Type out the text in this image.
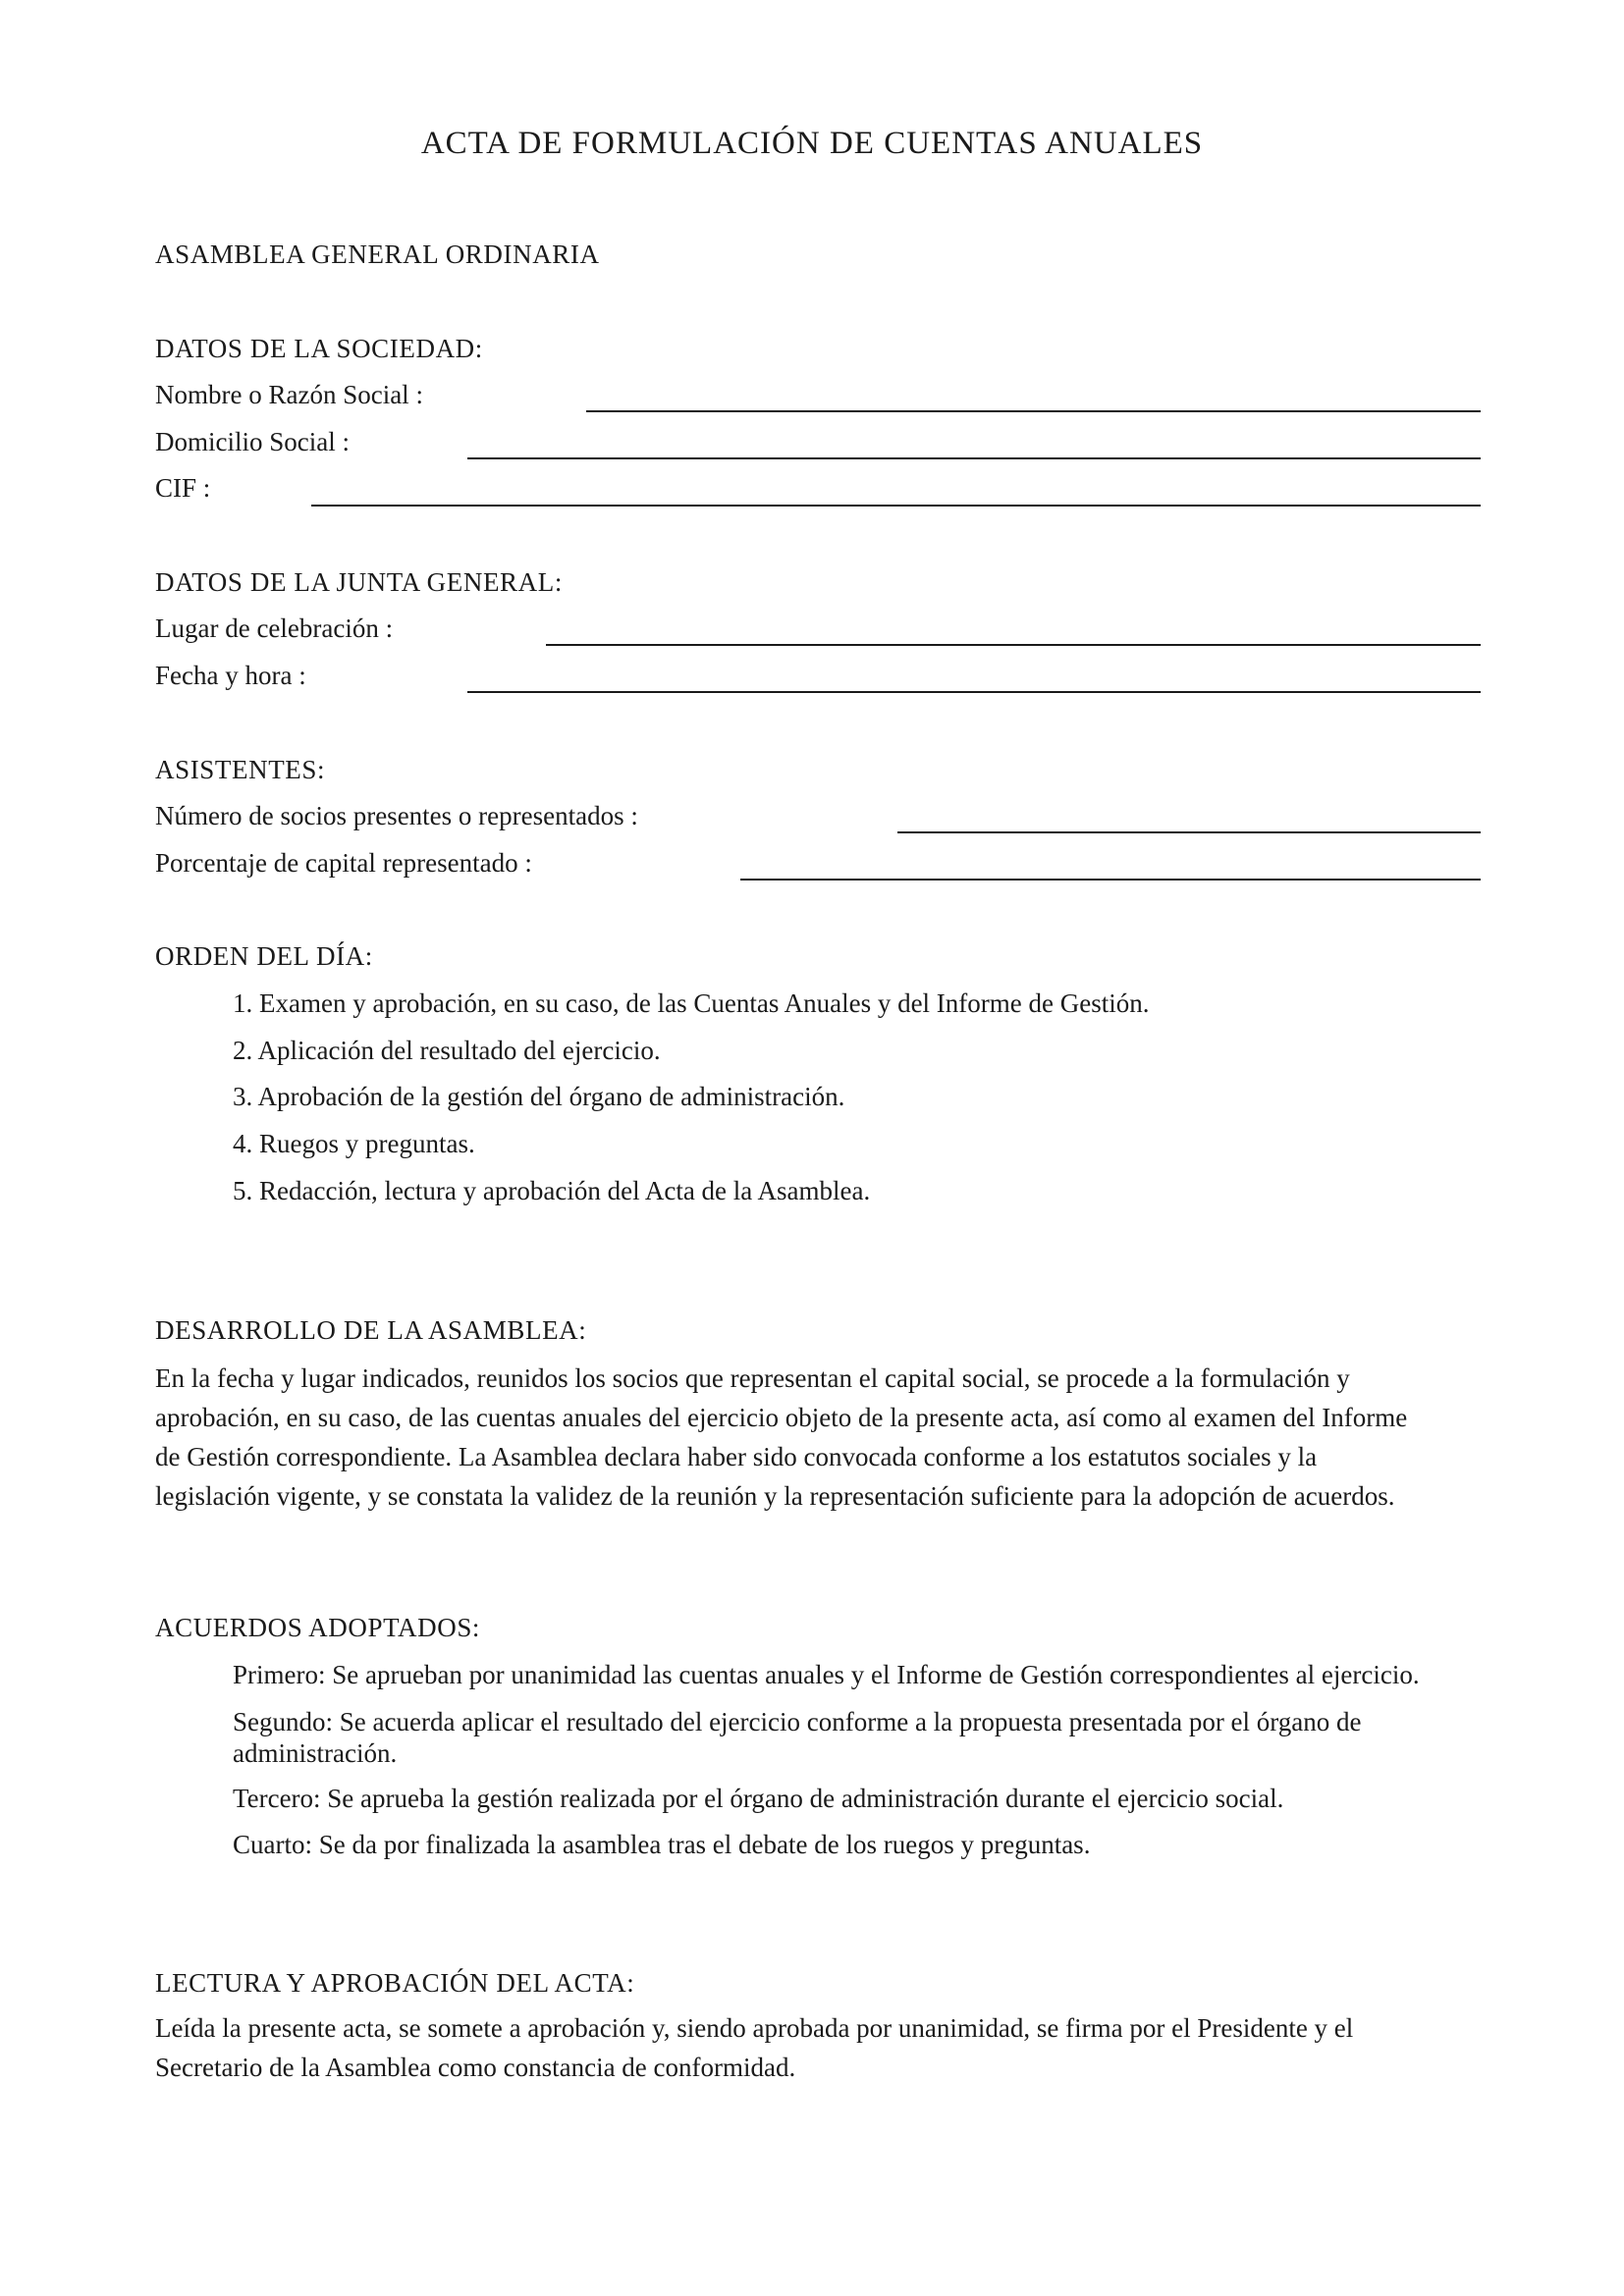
ACTA DE FORMULACIÓN DE CUENTAS ANUALES
ASAMBLEA GENERAL ORDINARIA
DATOS DE LA SOCIEDAD:
Nombre o Razón Social :
Domicilio Social :
CIF :
DATOS DE LA JUNTA GENERAL:
Lugar de celebración :
Fecha y hora :
ASISTENTES:
Número de socios presentes o representados :
Porcentaje de capital representado :
ORDEN DEL DÍA:
1. Examen y aprobación, en su caso, de las Cuentas Anuales y del Informe de Gestión.
2. Aplicación del resultado del ejercicio.
3. Aprobación de la gestión del órgano de administración.
4. Ruegos y preguntas.
5. Redacción, lectura y aprobación del Acta de la Asamblea.
DESARROLLO DE LA ASAMBLEA:
En la fecha y lugar indicados, reunidos los socios que representan el capital social, se procede a la formulación y
aprobación, en su caso, de las cuentas anuales del ejercicio objeto de la presente acta, así como al examen del Informe
de Gestión correspondiente. La Asamblea declara haber sido convocada conforme a los estatutos sociales y la
legislación vigente, y se constata la validez de la reunión y la representación suficiente para la adopción de acuerdos.
ACUERDOS ADOPTADOS:
Primero: Se aprueban por unanimidad las cuentas anuales y el Informe de Gestión correspondientes al ejercicio.
Segundo: Se acuerda aplicar el resultado del ejercicio conforme a la propuesta presentada por el órgano de administración.
Tercero: Se aprueba la gestión realizada por el órgano de administración durante el ejercicio social.
Cuarto: Se da por finalizada la asamblea tras el debate de los ruegos y preguntas.
LECTURA Y APROBACIÓN DEL ACTA:
Leída la presente acta, se somete a aprobación y, siendo aprobada por unanimidad, se firma por el Presidente y el
Secretario de la Asamblea como constancia de conformidad.
